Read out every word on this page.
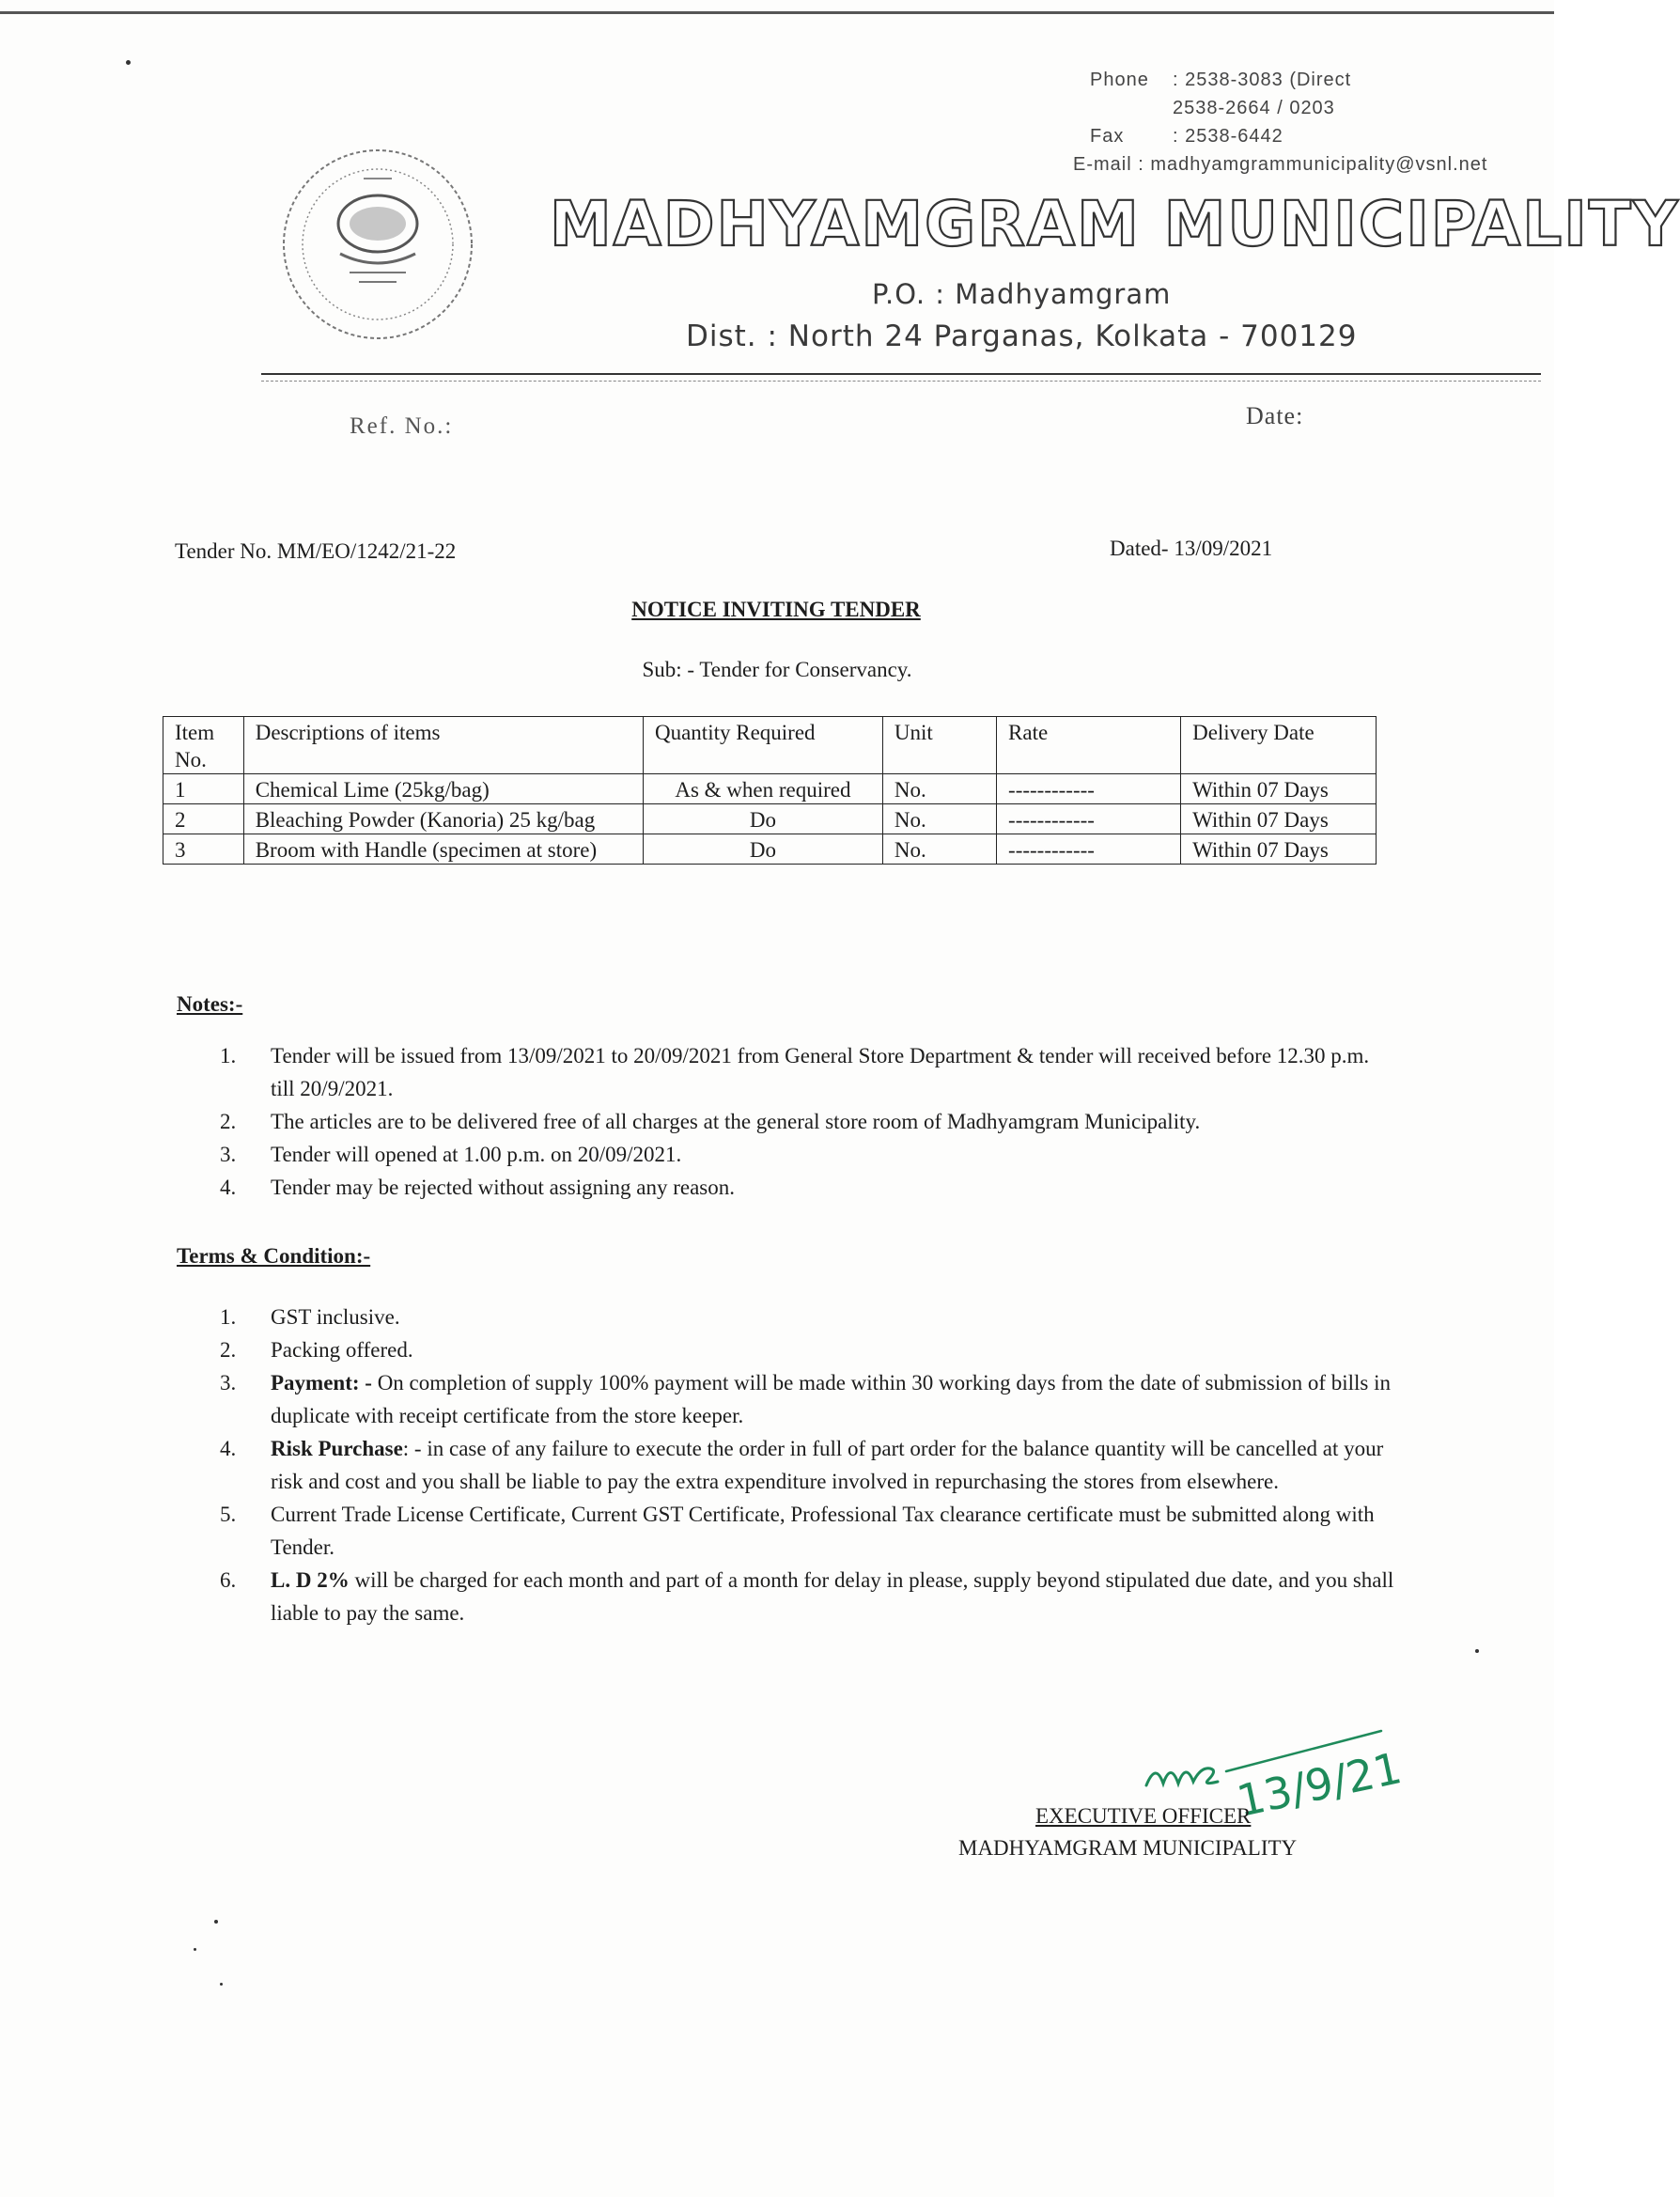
Phone : 2538-3083 (Direct
2538-2664 / 0203
Fax	: 2538-6442
E-mail : madhyamgrammunicipality@vsnl.net
MADHYAMGRAM MUNICIPALITY
P.O. : Madhyamgram
Dist. : North 24 Parganas, Kolkata - 700129
Ref. No.:	Date:
Tender No. MM/EO/1242/21-22	Dated- 13/09/2021
NOTICE INVITING TENDER
Sub: - Tender for Conservancy.
Item No.	Descriptions of items	Quantity Required	Unit	Rate	Delivery Date
1	Chemical Lime (25kg/bag)	As & when required	No.	------------	Within 07 Days
2	Bleaching Powder (Kanoria) 25 kg/bag	Do	No.	------------	Within 07 Days
3	Broom with Handle (specimen at store)	Do	No.	------------	Within 07 Days
Notes:-
1. Tender will be issued from 13/09/2021 to 20/09/2021 from General Store Department & tender will received before 12.30 p.m. till 20/9/2021.
2. The articles are to be delivered free of all charges at the general store room of Madhyamgram Municipality.
3. Tender will opened at 1.00 p.m. on 20/09/2021.
4. Tender may be rejected without assigning any reason.
Terms & Condition:-
1. GST inclusive.
2. Packing offered.
3. Payment: - On completion of supply 100% payment will be made within 30 working days from the date of submission of bills in duplicate with receipt certificate from the store keeper.
4. Risk Purchase: - in case of any failure to execute the order in full of part order for the balance quantity will be cancelled at your risk and cost and you shall be liable to pay the extra expenditure involved in repurchasing the stores from elsewhere.
5. Current Trade License Certificate, Current GST Certificate, Professional Tax clearance certificate must be submitted along with Tender.
6. L. D 2% will be charged for each month and part of a month for delay in please, supply beyond stipulated due date, and you shall liable to pay the same.
13/9/21
EXECUTIVE OFFICER
MADHYAMGRAM MUNICIPALITY
